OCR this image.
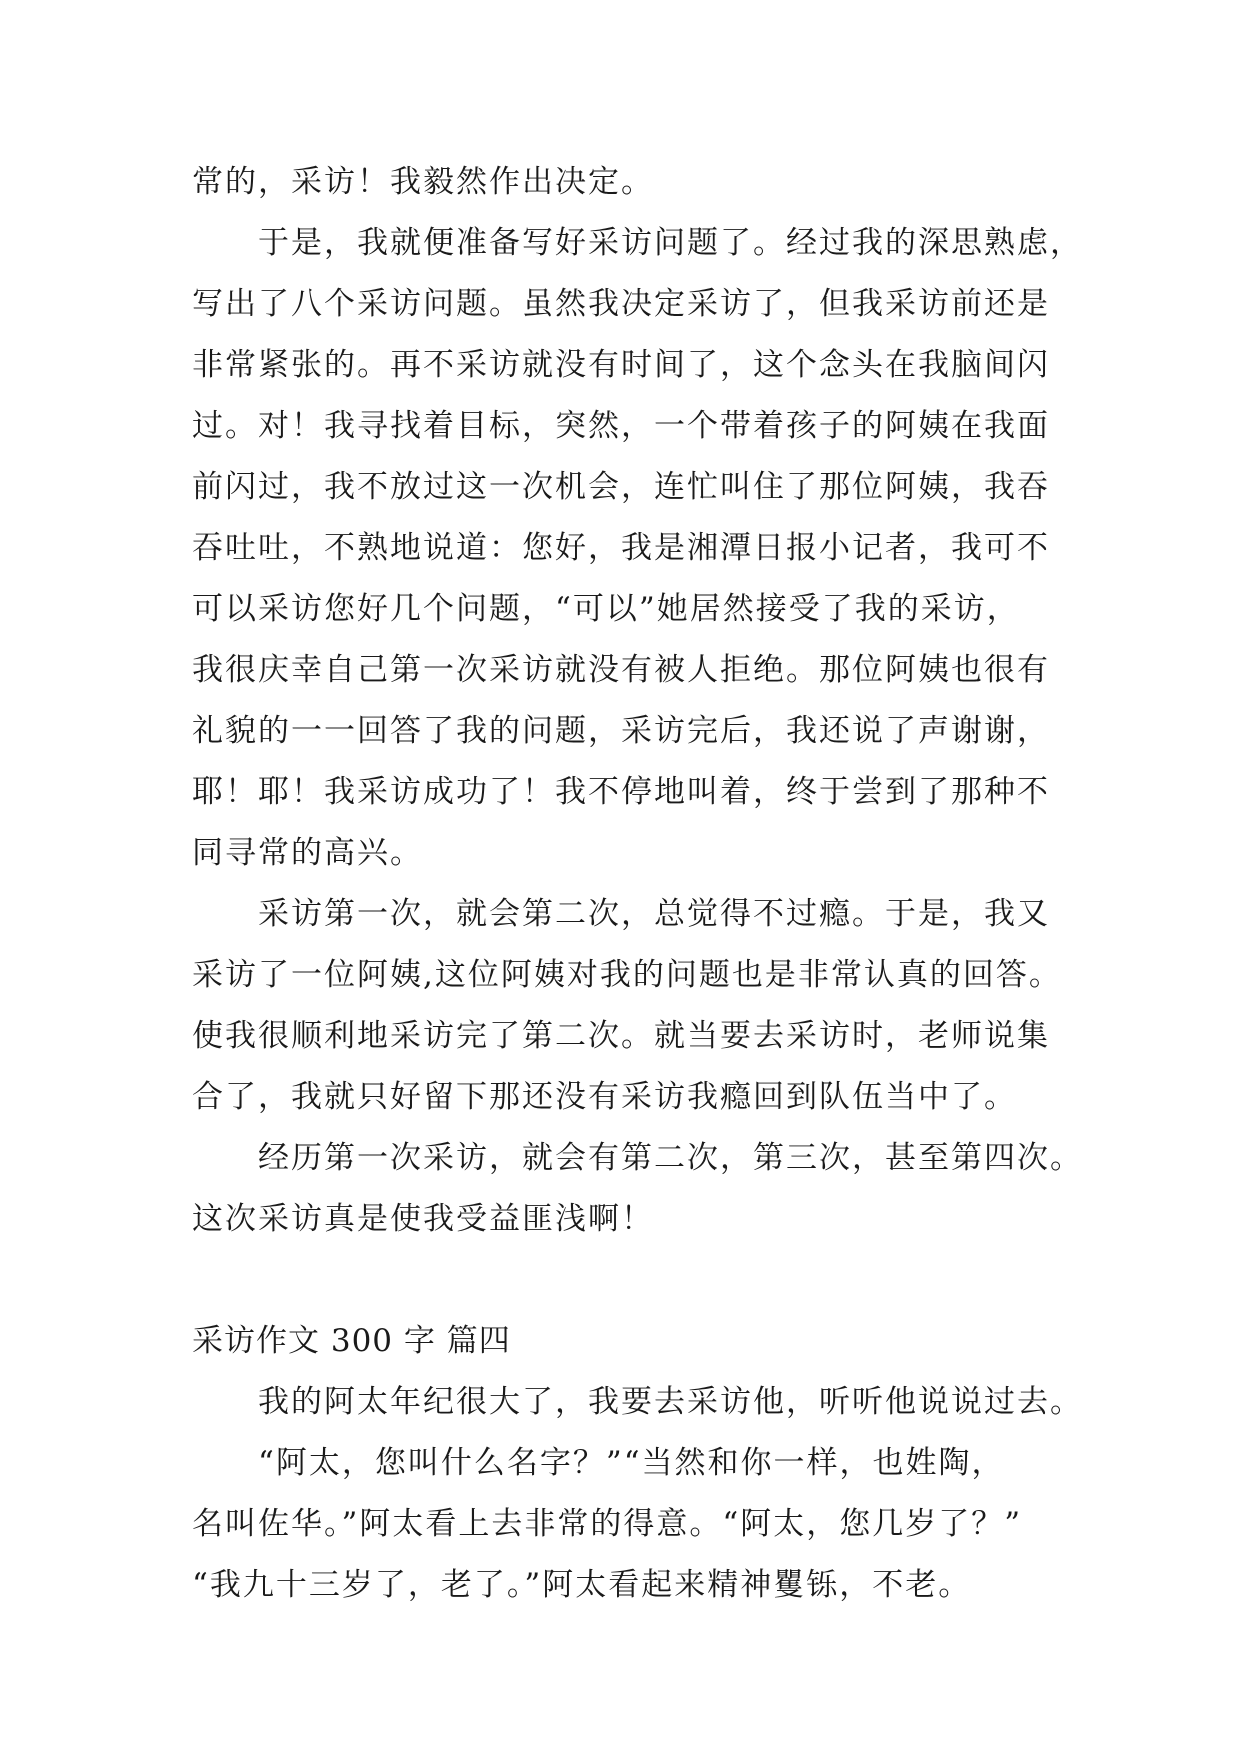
常的，采访！我毅然作出决定。
　　于是，我就便准备写好采访问题了。经过我的深思熟虑，
写出了八个采访问题。虽然我决定采访了，但我采访前还是
非常紧张的。再不采访就没有时间了，这个念头在我脑间闪
过。对！我寻找着目标，突然，一个带着孩子的阿姨在我面
前闪过，我不放过这一次机会，连忙叫住了那位阿姨，我吞
吞吐吐，不熟地说道：您好，我是湘潭日报小记者，我可不
可以采访您好几个问题，“可以”她居然接受了我的采访，
我很庆幸自己第一次采访就没有被人拒绝。那位阿姨也很有
礼貌的一一回答了我的问题，采访完后，我还说了声谢谢，
耶！耶！我采访成功了！我不停地叫着，终于尝到了那种不
同寻常的高兴。
　　采访第一次，就会第二次，总觉得不过瘾。于是，我又
采访了一位阿姨,这位阿姨对我的问题也是非常认真的回答。
使我很顺利地采访完了第二次。就当要去采访时，老师说集
合了，我就只好留下那还没有采访我瘾回到队伍当中了。
　　经历第一次采访，就会有第二次，第三次，甚至第四次。
这次采访真是使我受益匪浅啊！
采访作文 300 字 篇四
　　我的阿太年纪很大了，我要去采访他，听听他说说过去。
　　“阿太，您叫什么名字？”“当然和你一样，也姓陶，
名叫佐华。”阿太看上去非常的得意。“阿太，您几岁了？”
“我九十三岁了，老了。”阿太看起来精神矍铄，不老。
